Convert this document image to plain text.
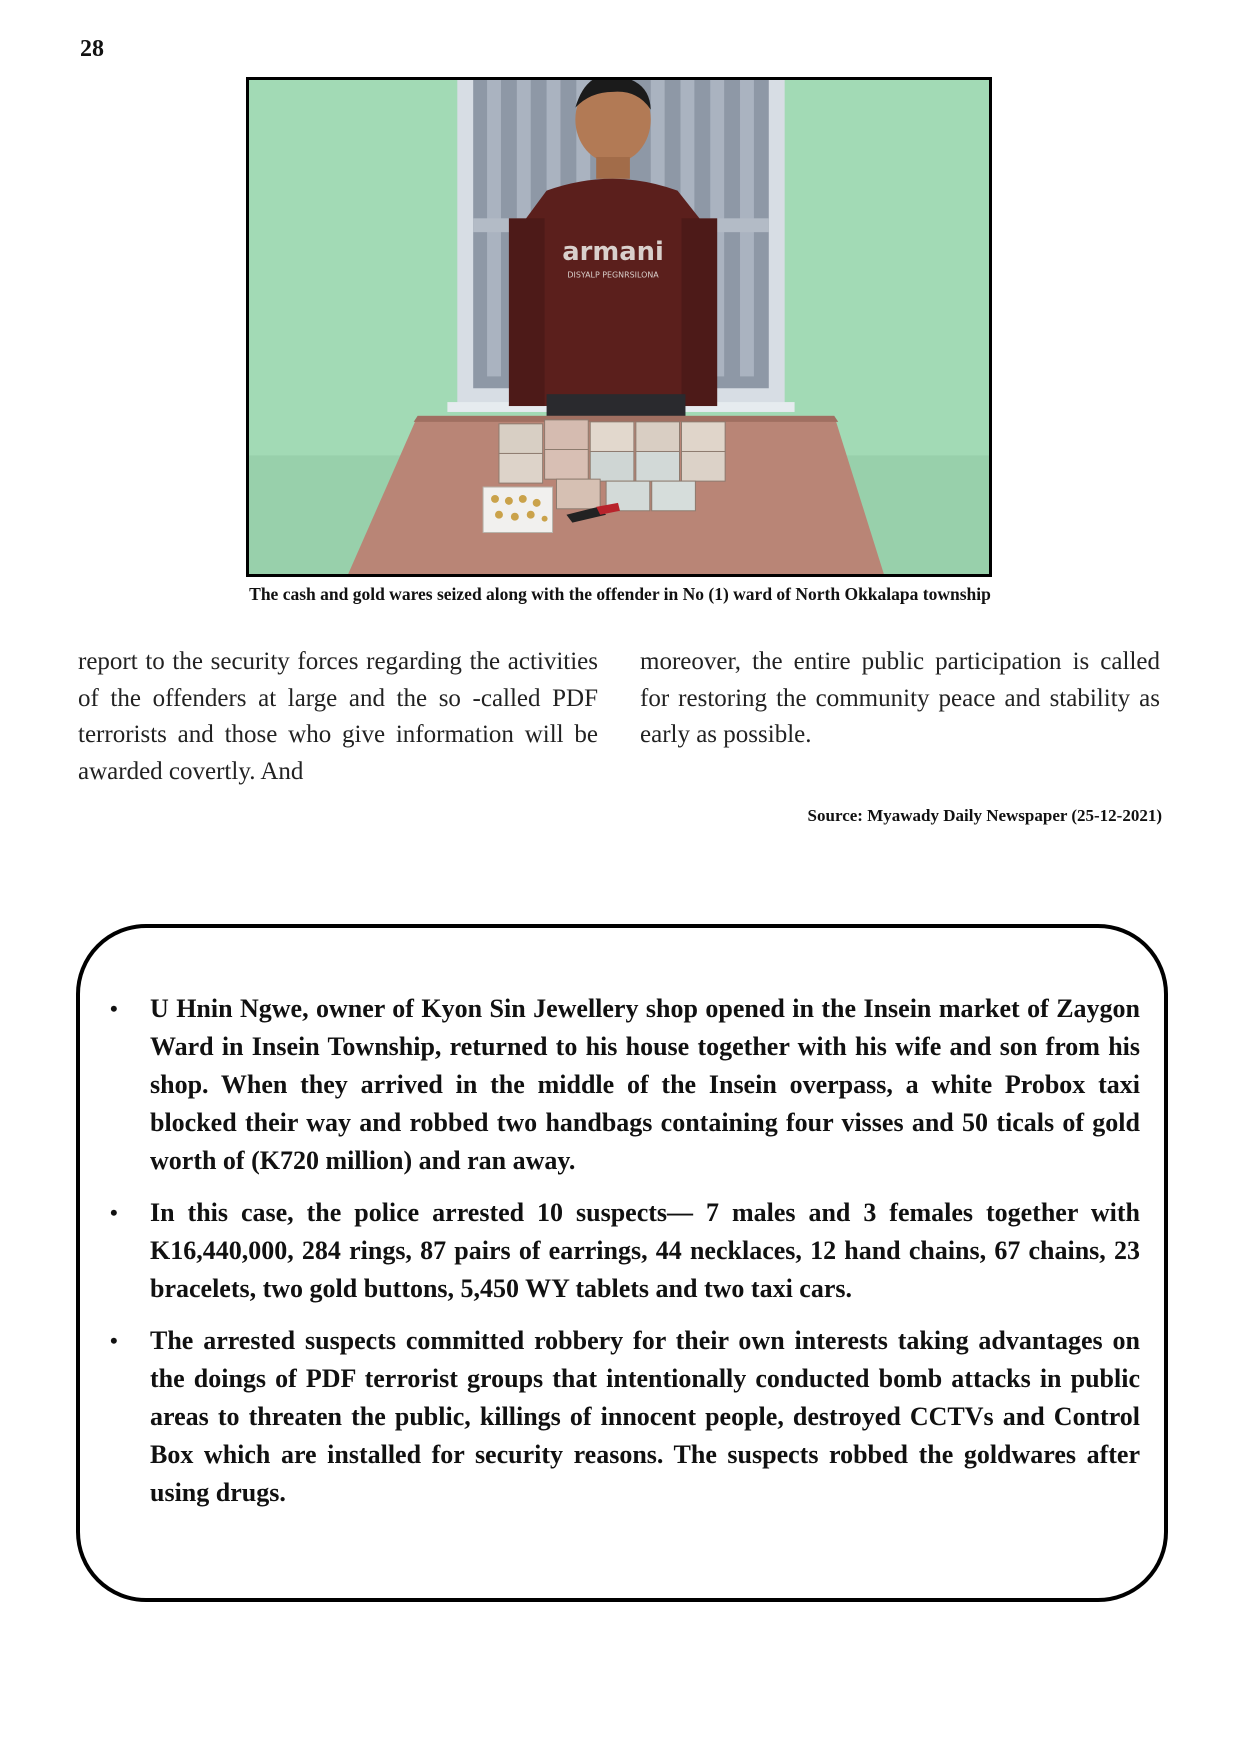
28
armani
DISYALP PEGNRSILONA
The cash and gold wares seized along with the offender in No (1) ward of North Okkalapa township
report to the security forces regarding the activities of the offenders at large and the so -called PDF terrorists and those who give information will be awarded covertly. And
moreover, the entire public participation is called for restoring the community peace and stability as early as possible.
Source: Myawady Daily Newspaper (25-12-2021)
• U Hnin Ngwe, owner of Kyon Sin Jewellery shop opened in the Insein market of Zaygon Ward in Insein Township, returned to his house together with his wife and son from his shop. When they arrived in the middle of the Insein overpass, a white Probox taxi blocked their way and robbed two handbags containing four visses and 50 ticals of gold worth of (K720 million) and ran away.
• In this case, the police arrested 10 suspects— 7 males and 3 females together with K16,440,000, 284 rings, 87 pairs of earrings, 44 necklaces, 12 hand chains, 67 chains, 23 bracelets, two gold buttons, 5,450 WY tablets and two taxi cars.
• The arrested suspects committed robbery for their own interests taking advantages on the doings of PDF terrorist groups that intentionally conducted bomb attacks in public areas to threaten the public, killings of innocent people, destroyed CCTVs and Control Box which are installed for security reasons. The suspects robbed the goldwares after using drugs.
